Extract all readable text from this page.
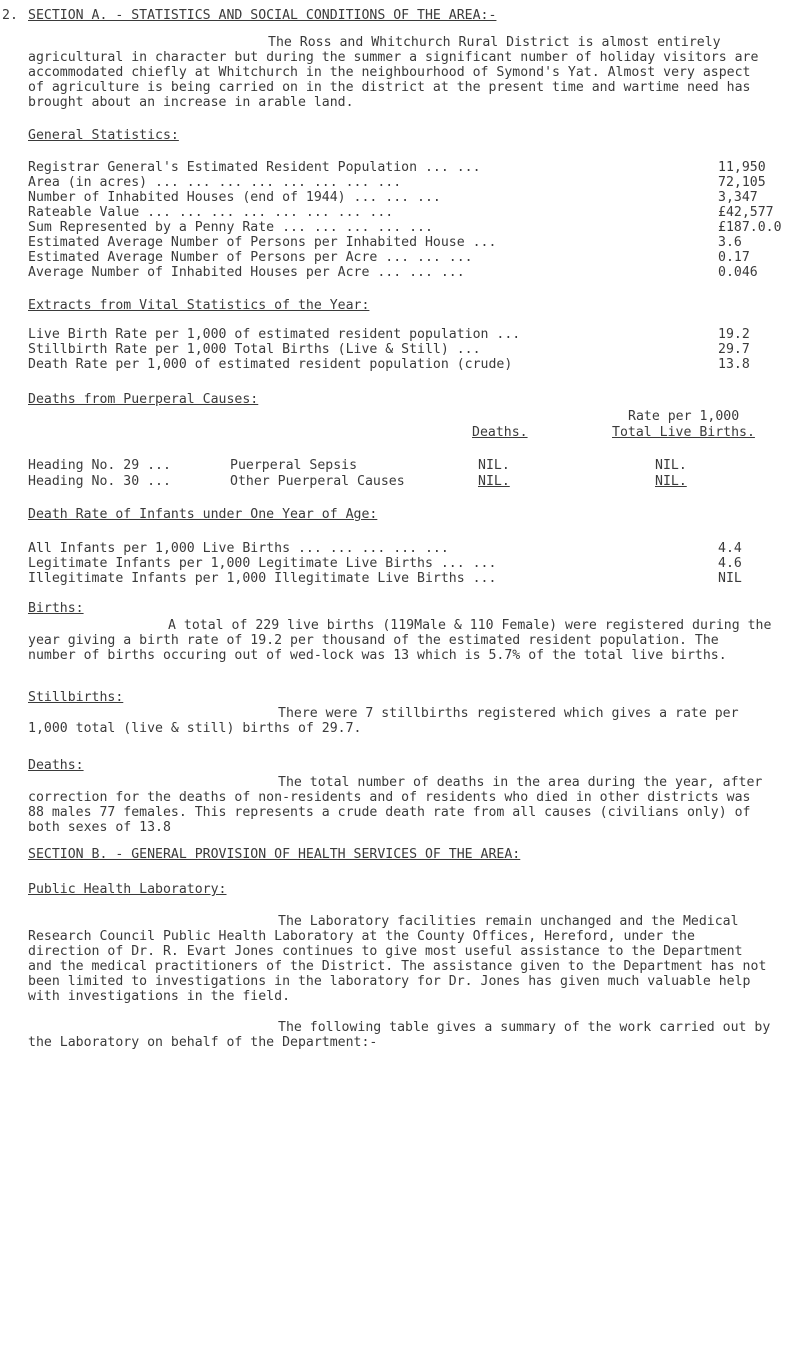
2. SECTION A. - STATISTICS AND SOCIAL CONDITIONS OF THE AREA:-
The Ross and Whitchurch Rural District is almost entirely agricultural in character but during the summer a significant number of holiday visitors are accommodated chiefly at Whitchurch in the neighbourhood of Symond's Yat. Almost very aspect of agriculture is being carried on in the district at the present time and wartime need has brought about an increase in arable land.
General Statistics:
Registrar General's Estimated Resident Population ... ...	11,950
Area (in acres) ... ... ... ... ... ... ... ...	72,105
Number of Inhabited Houses (end of 1944) ... ... ...	3,347
Rateable Value ... ... ... ... ... ... ... ...	£42,577
Sum Represented by a Penny Rate ... ... ... ... ...	£187.0.0
Estimated Average Number of Persons per Inhabited House ...	3.6
Estimated Average Number of Persons per Acre ... ... ...	0.17
Average Number of Inhabited Houses per Acre ... ... ...	0.046
Extracts from Vital Statistics of the Year:
Live Birth Rate per 1,000 of estimated resident population ...	19.2
Stillbirth Rate per 1,000 Total Births (Live & Still) ...	29.7
Death Rate per 1,000 of estimated resident population (crude)	13.8
Deaths from Puerperal Causes:
Rate per 1,000
Deaths.	Total Live Births.
Heading No. 29 ...	Puerperal Sepsis	NIL.	NIL.
Heading No. 30 ...	Other Puerperal Causes	NIL.	NIL.
Death Rate of Infants under One Year of Age:
All Infants per 1,000 Live Births ... ... ... ... ...	4.4
Legitimate Infants per 1,000 Legitimate Live Births ... ...	4.6
Illegitimate Infants per 1,000 Illegitimate Live Births ...	NIL
Births:
A total of 229 live births (119Male & 110 Female) were registered during the year giving a birth rate of 19.2 per thousand of the estimated resident population. The number of births occuring out of wed-lock was 13 which is 5.7% of the total live births.
Stillbirths:
There were 7 stillbirths registered which gives a rate per 1,000 total (live & still) births of 29.7.
Deaths:
The total number of deaths in the area during the year, after correction for the deaths of non-residents and of residents who died in other districts was 88 males 77 females. This represents a crude death rate from all causes (civilians only) of both sexes of 13.8
SECTION B. - GENERAL PROVISION OF HEALTH SERVICES OF THE AREA:
Public Health Laboratory:
The Laboratory facilities remain unchanged and the Medical Research Council Public Health Laboratory at the County Offices, Hereford, under the direction of Dr. R. Evart Jones continues to give most useful assistance to the Department and the medical practitioners of the District. The assistance given to the Department has not been limited to investigations in the laboratory for Dr. Jones has given much valuable help with investigations in the field.
The following table gives a summary of the work carried out by the Laboratory on behalf of the Department:-
